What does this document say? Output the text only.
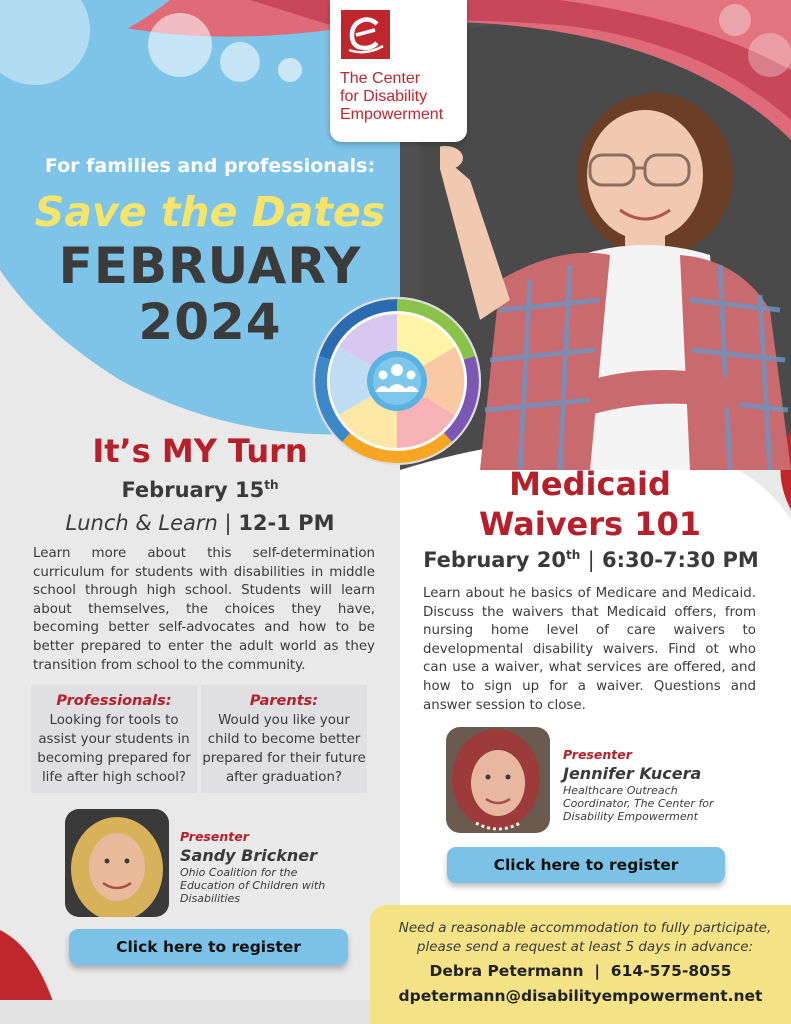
The Center
for Disability
Empowerment
For families and professionals:
Save the Dates
FEBRUARY
2024
It’s MY Turn
February 15th
Lunch & Learn | 12-1 PM
Learn more about this self-determination curriculum for students with disabilities in middle school through high school. Students will learn about themselves, the choices they have, becoming better self-advocates and how to be better prepared to enter the adult world as they transition from school to the community.
Professionals:
Looking for tools to assist your students in becoming prepared for life after high school?
Parents:
Would you like your child to become better prepared for their future after graduation?
Presenter
Sandy Brickner
Ohio Coalition for the Education of Children with Disabilities
Click here to register
Medicaid
Waivers 101
February 20th | 6:30-7:30 PM
Learn about he basics of Medicare and Medicaid. Discuss the waivers that Medicaid offers, from nursing home level of care waivers to developmental disability waivers. Find ot who can use a waiver, what services are offered, and how to sign up for a waiver. Questions and answer session to close.
Presenter
Jennifer Kucera
Healthcare Outreach Coordinator, The Center for Disability Empowerment
Click here to register
Need a reasonable accommodation to fully participate,
please send a request at least 5 days in advance:
Debra Petermann  |  614-575-8055
dpetermann@disabilityempowerment.net
